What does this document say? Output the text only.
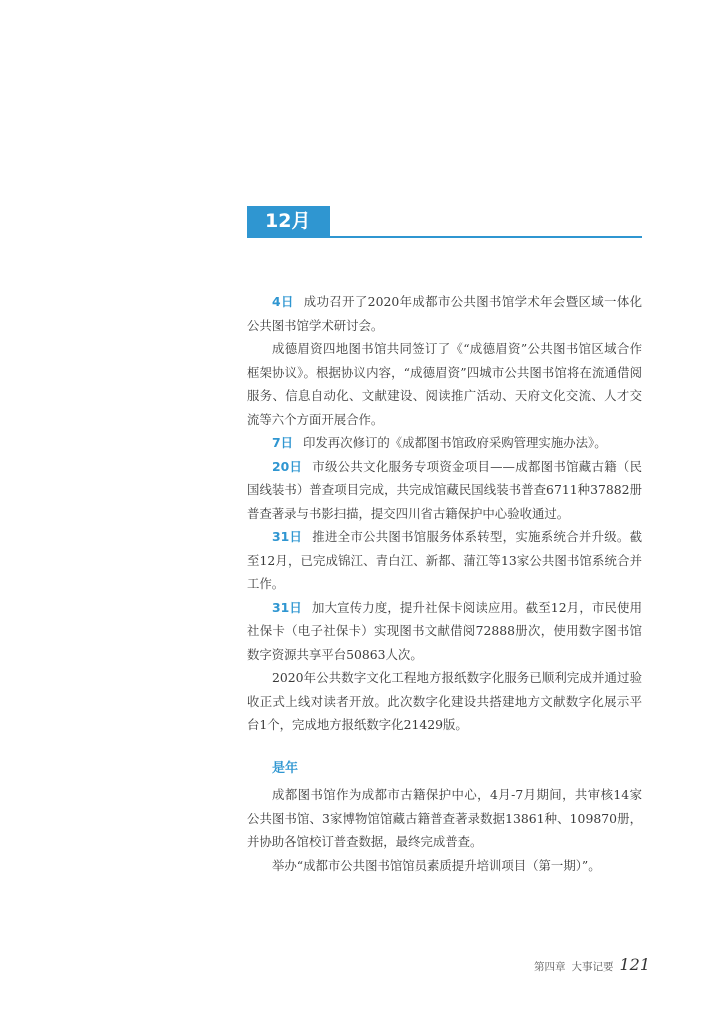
12月

4日 成功召开了2020年成都市公共图书馆学术年会暨区域一体化公共图书馆学术研讨会。

成德眉资四地图书馆共同签订了《“成德眉资”公共图书馆区域合作框架协议》。根据协议内容，“成德眉资”四城市公共图书馆将在流通借阅服务、信息自动化、文献建设、阅读推广活动、天府文化交流、人才交流等六个方面开展合作。

7日 印发再次修订的《成都图书馆政府采购管理实施办法》。

20日 市级公共文化服务专项资金项目——成都图书馆藏古籍（民国线装书）普查项目完成，共完成馆藏民国线装书普查6711种37882册普查著录与书影扫描，提交四川省古籍保护中心验收通过。

31日 推进全市公共图书馆服务体系转型，实施系统合并升级。截至12月，已完成锦江、青白江、新都、蒲江等13家公共图书馆系统合并工作。

31日 加大宣传力度，提升社保卡阅读应用。截至12月，市民使用社保卡（电子社保卡）实现图书文献借阅72888册次，使用数字图书馆数字资源共享平台50863人次。

2020年公共数字文化工程地方报纸数字化服务已顺利完成并通过验收正式上线对读者开放。此次数字化建设共搭建地方文献数字化展示平台1个，完成地方报纸数字化21429版。

是年

成都图书馆作为成都市古籍保护中心，4月-7月期间，共审核14家公共图书馆、3家博物馆馆藏古籍普查著录数据13861种、109870册，并协助各馆校订普查数据，最终完成普查。

举办“成都市公共图书馆馆员素质提升培训项目（第一期）”。

第四章 大事记要 121
